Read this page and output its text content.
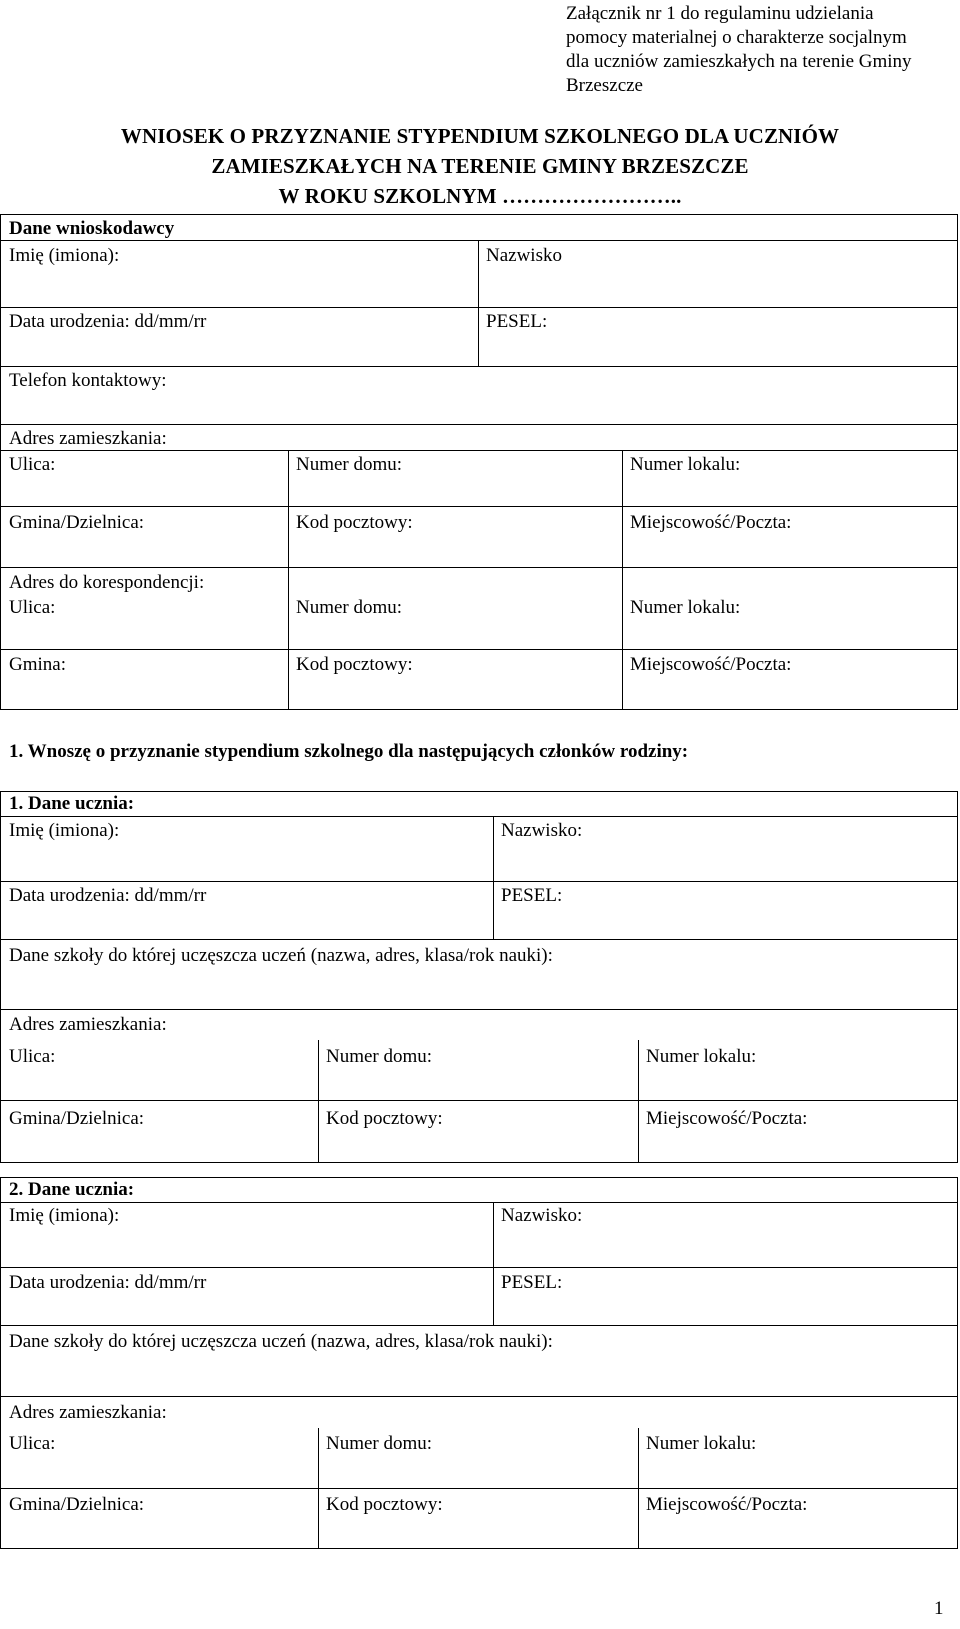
Załącznik nr 1 do regulaminu udzielania
pomocy materialnej o charakterze socjalnym
dla uczniów zamieszkałych na terenie Gminy
Brzeszcze
WNIOSEK O PRZYZNANIE STYPENDIUM SZKOLNEGO DLA UCZNIÓW
ZAMIESZKAŁYCH NA TERENIE GMINY BRZESZCZE
W ROKU SZKOLNYM ……………………..
Dane wnioskodawcy
Imię (imiona):	Nazwisko
Data urodzenia: dd/mm/rr	PESEL:
Telefon kontaktowy:
Adres zamieszkania:
Ulica:	Numer domu:	Numer lokalu:
Gmina/Dzielnica:	Kod pocztowy:	Miejscowość/Poczta:
Adres do korespondencji:
Ulica:	Numer domu:	Numer lokalu:
Gmina:	Kod pocztowy:	Miejscowość/Poczta:
1. Wnoszę o przyznanie stypendium szkolnego dla następujących członków rodziny:
1. Dane ucznia:
Imię (imiona):	Nazwisko:
Data urodzenia: dd/mm/rr	PESEL:
Dane szkoły do której uczęszcza uczeń (nazwa, adres, klasa/rok nauki):
Adres zamieszkania:
Ulica:	Numer domu:	Numer lokalu:
Gmina/Dzielnica:	Kod pocztowy:	Miejscowość/Poczta:
2. Dane ucznia:
Imię (imiona):	Nazwisko:
Data urodzenia: dd/mm/rr	PESEL:
Dane szkoły do której uczęszcza uczeń (nazwa, adres, klasa/rok nauki):
Adres zamieszkania:
Ulica:	Numer domu:	Numer lokalu:
Gmina/Dzielnica:	Kod pocztowy:	Miejscowość/Poczta:
1
